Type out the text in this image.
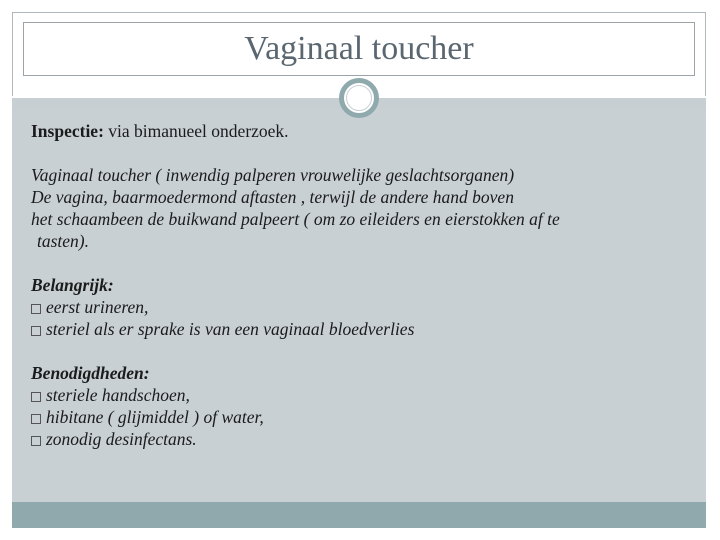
Vaginaal toucher

Inspectie: via bimanueel onderzoek.

Vaginaal toucher ( inwendig palperen vrouwelijke geslachtsorganen)

De vagina, baarmoedermond aftasten , terwijl de andere hand boven

het schaambeen de buikwand palpeert ( om zo eileiders en eierstokken af te

tasten).

Belangrijk:

eerst urineren,

steriel als er sprake is van een vaginaal bloedverlies

Benodigdheden:

steriele handschoen,

hibitane ( glijmiddel ) of water,

zonodig desinfectans.
